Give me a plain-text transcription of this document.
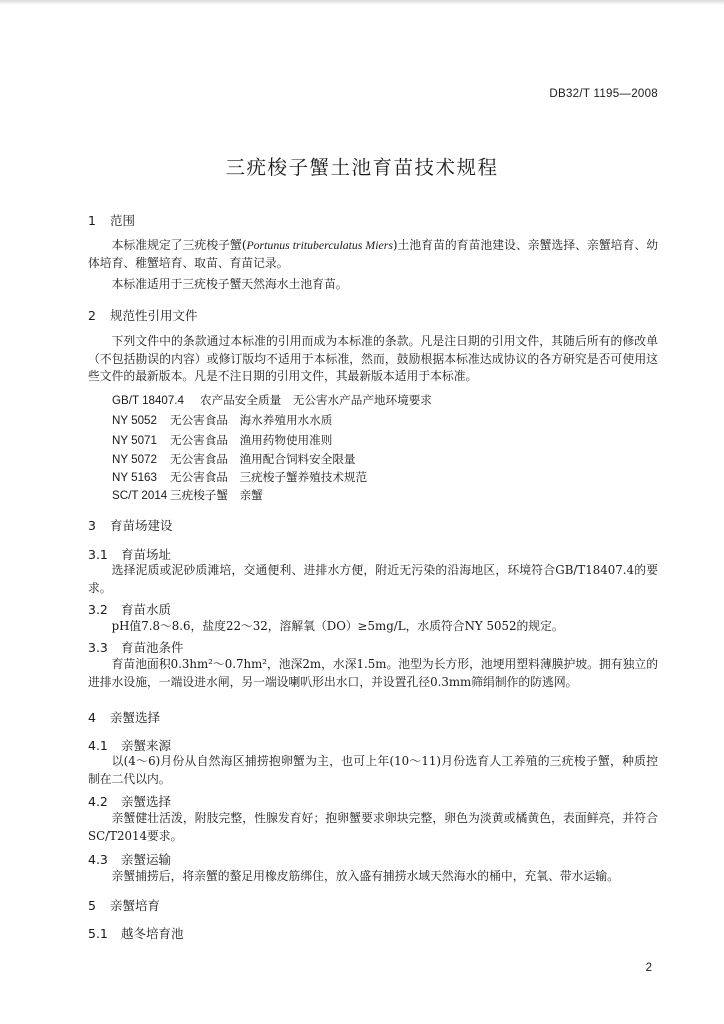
DB32/T 1195—2008
三疣梭子蟹土池育苗技术规程
1 范围

本标准规定了三疣梭子蟹(Portunus trituberculatus Miers)土池育苗的育苗池建设、亲蟹选择、亲蟹培育、幼体培育、稚蟹培育、取苗、育苗记录。

本标准适用于三疣梭子蟹天然海水土池育苗。

2 规范性引用文件

下列文件中的条款通过本标准的引用而成为本标准的条款。凡是注日期的引用文件，其随后所有的修改单（不包括勘误的内容）或修订版均不适用于本标准，然而，鼓励根据本标准达成协议的各方研究是否可使用这些文件的最新版本。凡是不注日期的引用文件，其最新版本适用于本标准。

GB/T 18407.4 农产品安全质量　无公害水产品产地环境要求
NY 5052 无公害食品　海水养殖用水水质
NY 5071 无公害食品　渔用药物使用准则
NY 5072 无公害食品　渔用配合饲料安全限量
NY 5163 无公害食品　三疣梭子蟹养殖技术规范
SC/T 2014 三疣梭子蟹　亲蟹
3 育苗场建设
3.1 育苗场址

选择泥质或泥砂质滩培，交通便利、进排水方便，附近无污染的沿海地区，环境符合GB/T18407.4的要求。

3.2 育苗水质

pH值7.8～8.6，盐度22～32，溶解氧（DO）≥5mg/L，水质符合NY 5052的规定。

3.3 育苗池条件

育苗池面积0.3hm²～0.7hm²，池深2m，水深1.5m。池型为长方形，池埂用塑料薄膜护坡。拥有独立的进排水设施，一端设进水闸，另一端设喇叭形出水口，并设置孔径0.3mm筛绢制作的防逃网。

4 亲蟹选择
4.1 亲蟹来源

以(4～6)月份从自然海区捕捞抱卵蟹为主，也可上年(10～11)月份选育人工养殖的三疣梭子蟹，种质控制在二代以内。

4.2 亲蟹选择

亲蟹健壮活泼，附肢完整，性腺发育好；抱卵蟹要求卵块完整，卵色为淡黄或橘黄色，表面鲜亮，并符合SC/T2014要求。

4.3 亲蟹运输

亲蟹捕捞后，将亲蟹的螯足用橡皮筋绑住，放入盛有捕捞水域天然海水的桶中，充氧、带水运输。

5 亲蟹培育
5.1 越冬培育池
2
